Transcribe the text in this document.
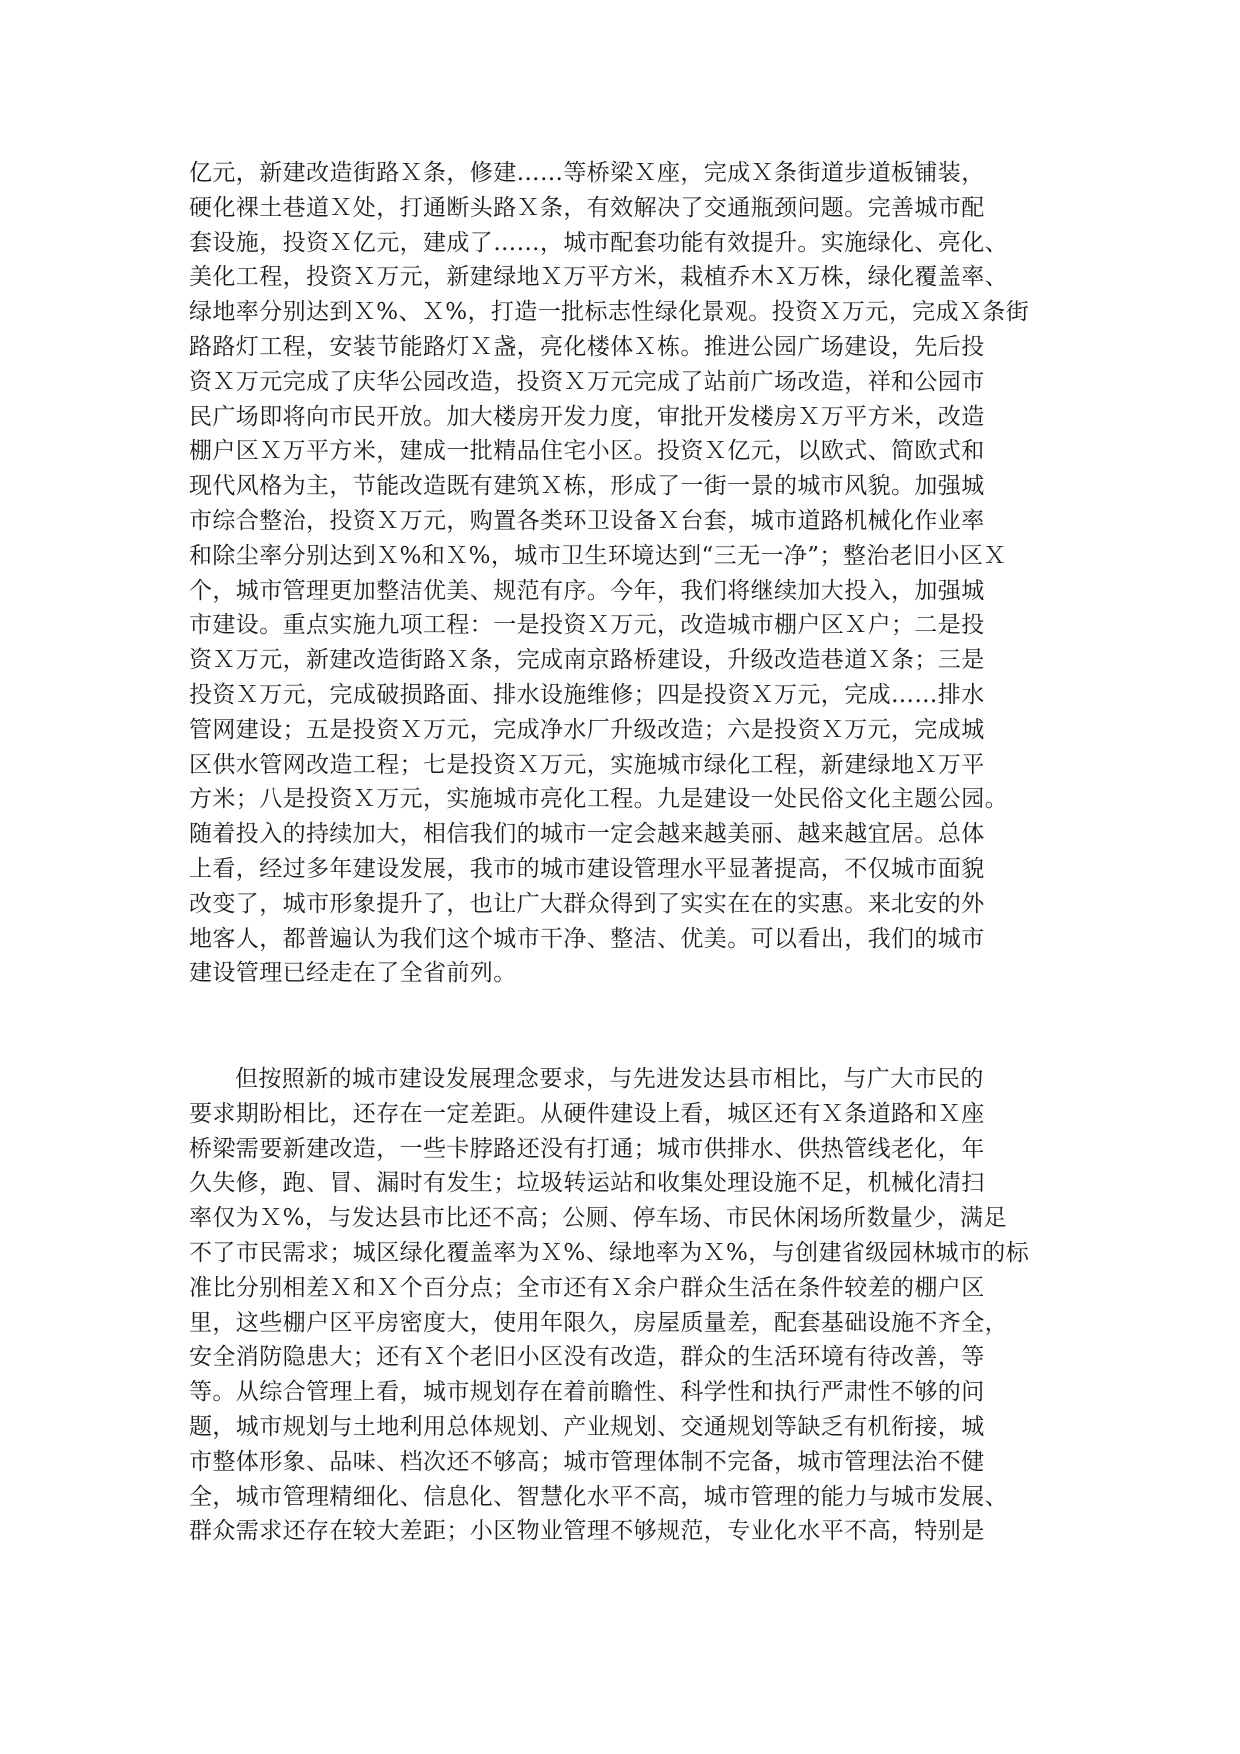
亿元，新建改造街路Ｘ条，修建……等桥梁Ｘ座，完成Ｘ条街道步道板铺装，
硬化裸土巷道Ｘ处，打通断头路Ｘ条，有效解决了交通瓶颈问题。完善城市配
套设施，投资Ｘ亿元，建成了……，城市配套功能有效提升。实施绿化、亮化、
美化工程，投资Ｘ万元，新建绿地Ｘ万平方米，栽植乔木Ｘ万株，绿化覆盖率、
绿地率分别达到Ｘ%、Ｘ%，打造一批标志性绿化景观。投资Ｘ万元，完成Ｘ条街
路路灯工程，安装节能路灯Ｘ盏，亮化楼体Ｘ栋。推进公园广场建设，先后投
资Ｘ万元完成了庆华公园改造，投资Ｘ万元完成了站前广场改造，祥和公园市
民广场即将向市民开放。加大楼房开发力度，审批开发楼房Ｘ万平方米，改造
棚户区Ｘ万平方米，建成一批精品住宅小区。投资Ｘ亿元，以欧式、简欧式和
现代风格为主，节能改造既有建筑Ｘ栋，形成了一街一景的城市风貌。加强城
市综合整治，投资Ｘ万元，购置各类环卫设备Ｘ台套，城市道路机械化作业率
和除尘率分别达到Ｘ%和Ｘ%，城市卫生环境达到“三无一净”；整治老旧小区Ｘ
个，城市管理更加整洁优美、规范有序。今年，我们将继续加大投入，加强城
市建设。重点实施九项工程：一是投资Ｘ万元，改造城市棚户区Ｘ户；二是投
资Ｘ万元，新建改造街路Ｘ条，完成南京路桥建设，升级改造巷道Ｘ条；三是
投资Ｘ万元，完成破损路面、排水设施维修；四是投资Ｘ万元，完成……排水
管网建设；五是投资Ｘ万元，完成净水厂升级改造；六是投资Ｘ万元，完成城
区供水管网改造工程；七是投资Ｘ万元，实施城市绿化工程，新建绿地Ｘ万平
方米；八是投资Ｘ万元，实施城市亮化工程。九是建设一处民俗文化主题公园。
随着投入的持续加大，相信我们的城市一定会越来越美丽、越来越宜居。总体
上看，经过多年建设发展，我市的城市建设管理水平显著提高，不仅城市面貌
改变了，城市形象提升了，也让广大群众得到了实实在在的实惠。来北安的外
地客人，都普遍认为我们这个城市干净、整洁、优美。可以看出，我们的城市
建设管理已经走在了全省前列。
但按照新的城市建设发展理念要求，与先进发达县市相比，与广大市民的
要求期盼相比，还存在一定差距。从硬件建设上看，城区还有Ｘ条道路和Ｘ座
桥梁需要新建改造，一些卡脖路还没有打通；城市供排水、供热管线老化，年
久失修，跑、冒、漏时有发生；垃圾转运站和收集处理设施不足，机械化清扫
率仅为Ｘ%，与发达县市比还不高；公厕、停车场、市民休闲场所数量少，满足
不了市民需求；城区绿化覆盖率为Ｘ%、绿地率为Ｘ%，与创建省级园林城市的标
准比分别相差Ｘ和Ｘ个百分点；全市还有Ｘ余户群众生活在条件较差的棚户区
里，这些棚户区平房密度大，使用年限久，房屋质量差，配套基础设施不齐全，
安全消防隐患大；还有Ｘ个老旧小区没有改造，群众的生活环境有待改善，等
等。从综合管理上看，城市规划存在着前瞻性、科学性和执行严肃性不够的问
题，城市规划与土地利用总体规划、产业规划、交通规划等缺乏有机衔接，城
市整体形象、品味、档次还不够高；城市管理体制不完备，城市管理法治不健
全，城市管理精细化、信息化、智慧化水平不高，城市管理的能力与城市发展、
群众需求还存在较大差距；小区物业管理不够规范，专业化水平不高，特别是
